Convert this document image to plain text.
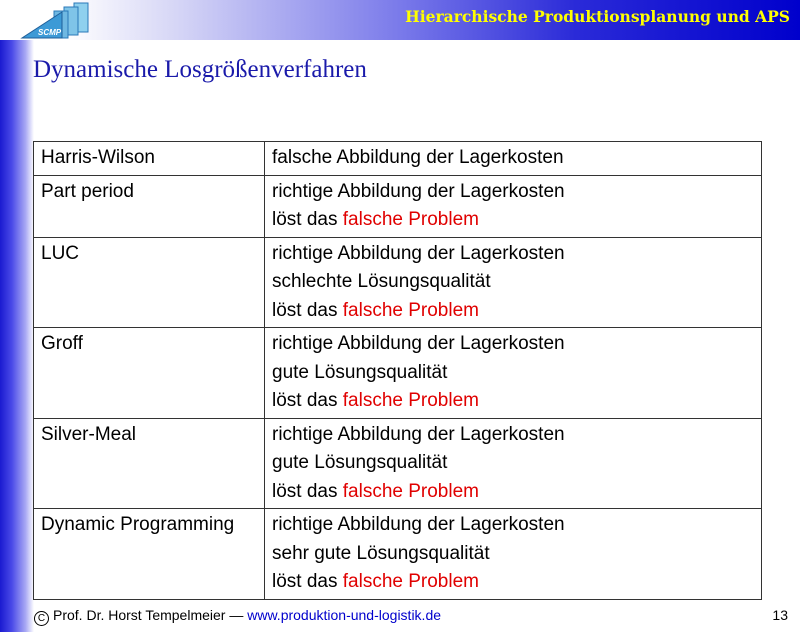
SCMP
Hierarchische Produktionsplanung und APS
Dynamische Losgrößenverfahren
Harris-Wilson	falsche Abbildung der Lagerkosten

Part period	richtige Abbildung der Lagerkosten
löst das falsche Problem

LUC	richtige Abbildung der Lagerkosten
schlechte Lösungsqualität
löst das falsche Problem

Groff	richtige Abbildung der Lagerkosten
gute Lösungsqualität
löst das falsche Problem

Silver-Meal	richtige Abbildung der Lagerkosten
gute Lösungsqualität
löst das falsche Problem

Dynamic Programming	richtige Abbildung der Lagerkosten
sehr gute Lösungsqualität
löst das falsche Problem
C Prof. Dr. Horst Tempelmeier — www.produktion-und-logistik.de	13
